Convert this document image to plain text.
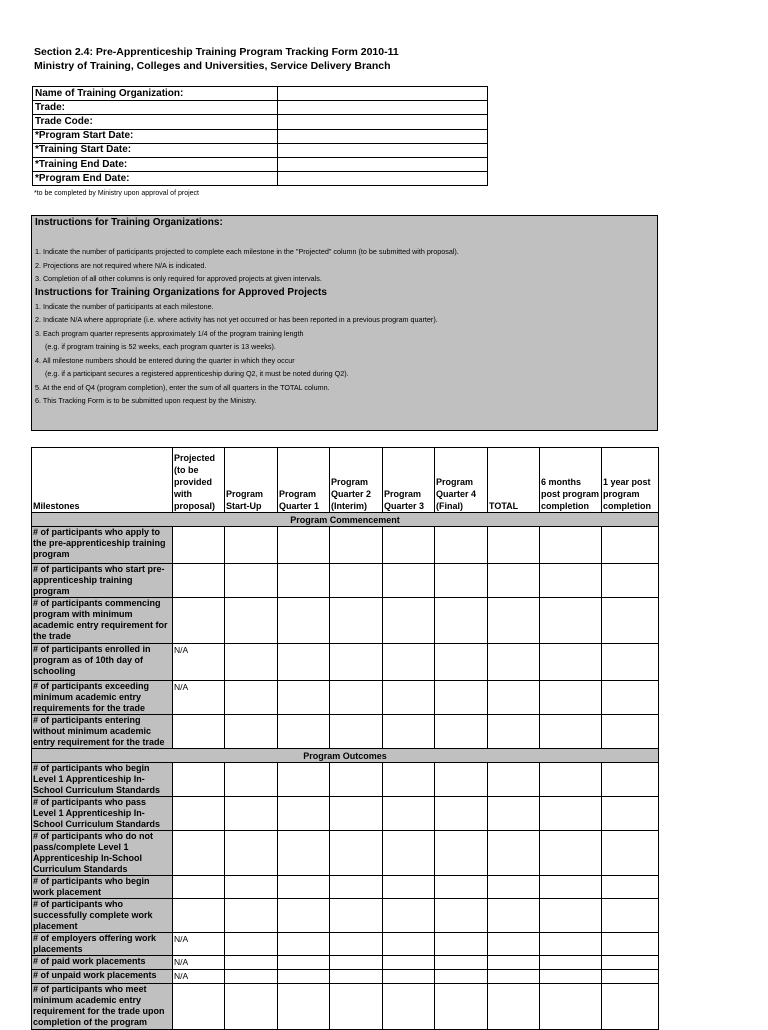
Section 2.4: Pre-Apprenticeship Training Program Tracking Form 2010-11
Ministry of Training, Colleges and Universities, Service Delivery Branch
Name of Training Organization:	
Trade:	
Trade Code:	
*Program Start Date:	
*Training Start Date:	
*Training End Date:	
*Program End Date:	
*to be completed by Ministry upon approval of project
Instructions for Training Organizations:
1. Indicate the number of participants projected to complete each milestone in the "Projected" column (to be submitted with proposal).
2. Projections are not required where N/A is indicated.
3. Completion of all other columns is only required for approved projects at given intervals.
Instructions for Training Organizations for Approved Projects
1. Indicate the number of participants at each milestone.
2. Indicate N/A where appropriate (i.e. where activity has not yet occurred or has been reported in a previous program quarter).
3. Each program quarter represents approximately 1/4 of the program training length
(e.g. if program training is 52 weeks, each program quarter is 13 weeks).
4. All milestone numbers should be entered during the quarter in which they occur
(e.g. if a participant secures a registered apprenticeship during Q2, it must be noted during Q2).
5. At the end of Q4 (program completion), enter the sum of all quarters in the TOTAL column.
6. This Tracking Form is to be submitted upon request by the Ministry.
Milestones	Projected (to be provided with proposal)	Program Start-Up	Program Quarter 1	Program Quarter 2 (Interim)	Program Quarter 3	Program Quarter 4 (Final)	TOTAL	6 months post program completion	1 year post program completion
Program Commencement									
# of participants who apply to the pre-apprenticeship training program									
# of participants who start pre-apprenticeship training program									
# of participants commencing program with minimum academic entry requirement for the trade									
# of participants enrolled in program as of 10th day of schooling	N/A								
# of participants exceeding minimum academic entry requirements for the trade	N/A								
# of participants entering without minimum academic entry requirement for the trade									
Program Outcomes									
# of participants who begin Level 1 Apprenticeship In-School Curriculum Standards									
# of participants who pass Level 1 Apprenticeship In-School Curriculum Standards									
# of participants who do not pass/complete Level 1 Apprenticeship In-School Curriculum Standards									
# of participants who begin work placement									
# of participants who successfully complete work placement									
# of employers offering work placements	N/A								
# of paid work placements	N/A								
# of unpaid work placements	N/A								
# of participants who meet minimum academic entry requirement for the trade upon completion of the program									
